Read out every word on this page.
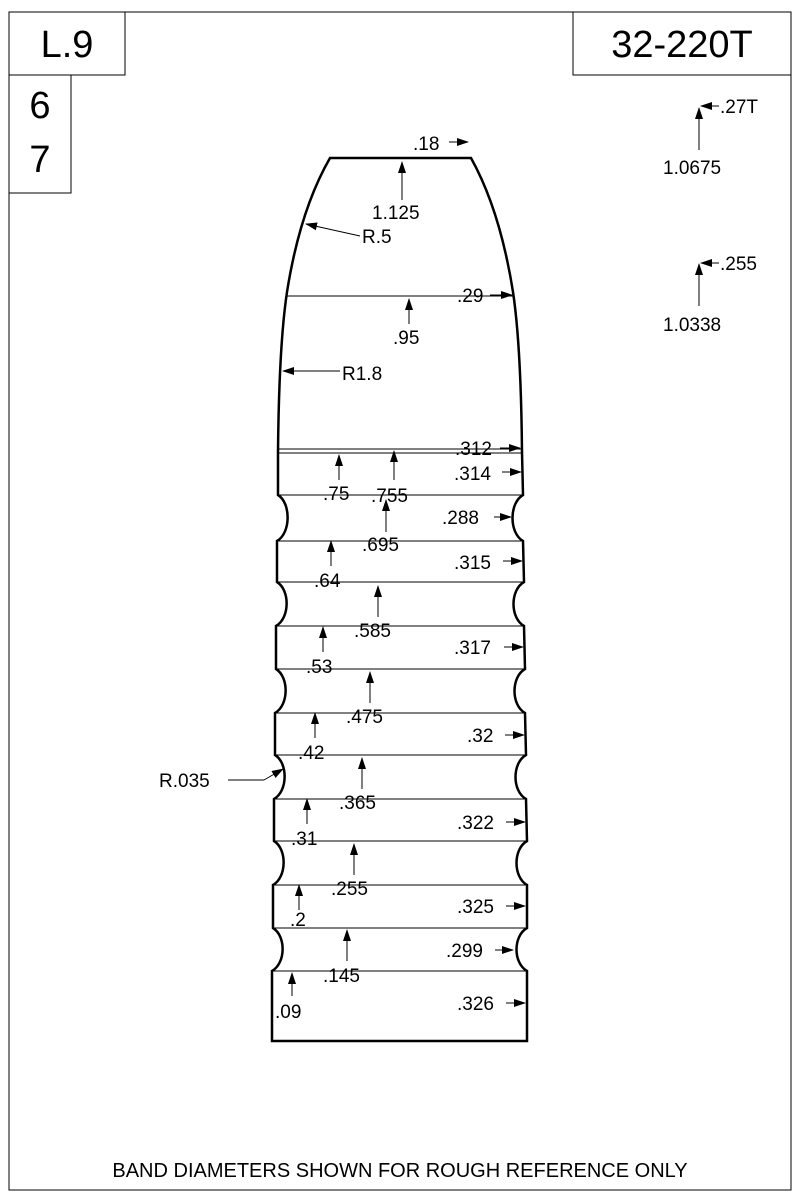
L.9	32-220T
6
7
.27T
1.0675
.255
1.0338
.18
1.125
R.5
.29
.95
R1.8
.312
.314
.75 .755
.288
.695
.315
.64
.585
.317
.53
.475
.32
.42
.365
R.035
.322
.31
.255
.325
.2
.299
.145
.09	.326
BAND DIAMETERS SHOWN FOR ROUGH REFERENCE ONLY
